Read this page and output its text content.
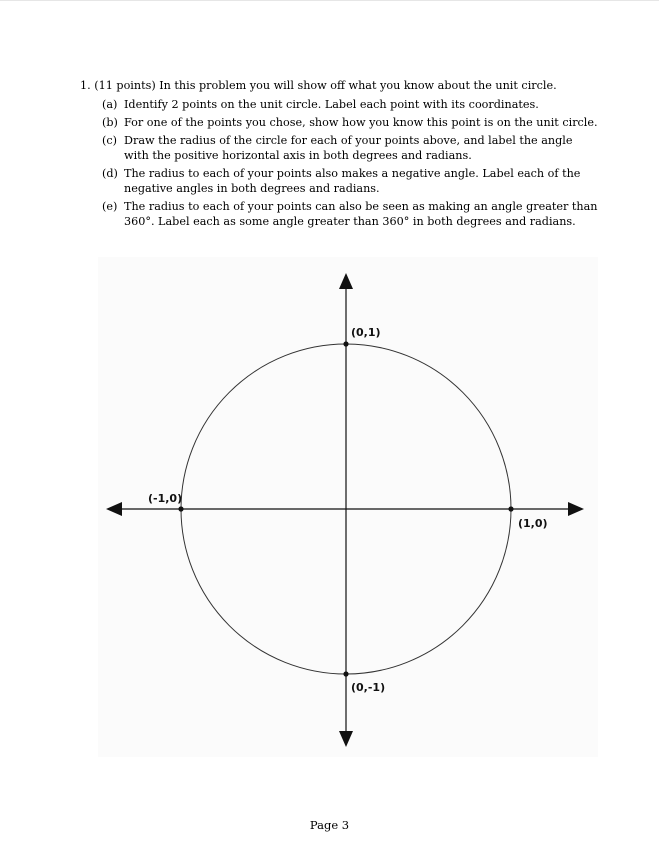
1. (11 points) In this problem you will show off what you know about the unit circle.

(a) Identify 2 points on the unit circle. Label each point with its coordinates.
(b) For one of the points you chose, show how you know this point is on the unit circle.
(c) Draw the radius of the circle for each of your points above, and label the angle with the positive horizontal axis in both degrees and radians.
(d) The radius to each of your points also makes a negative angle. Label each of the negative angles in both degrees and radians.
(e) The radius to each of your points can also be seen as making an angle greater than 360°. Label each as some angle greater than 360° in both degrees and radians.
(0,1)
(1,0)
(0,-1)
(-1,0)
Page 3
